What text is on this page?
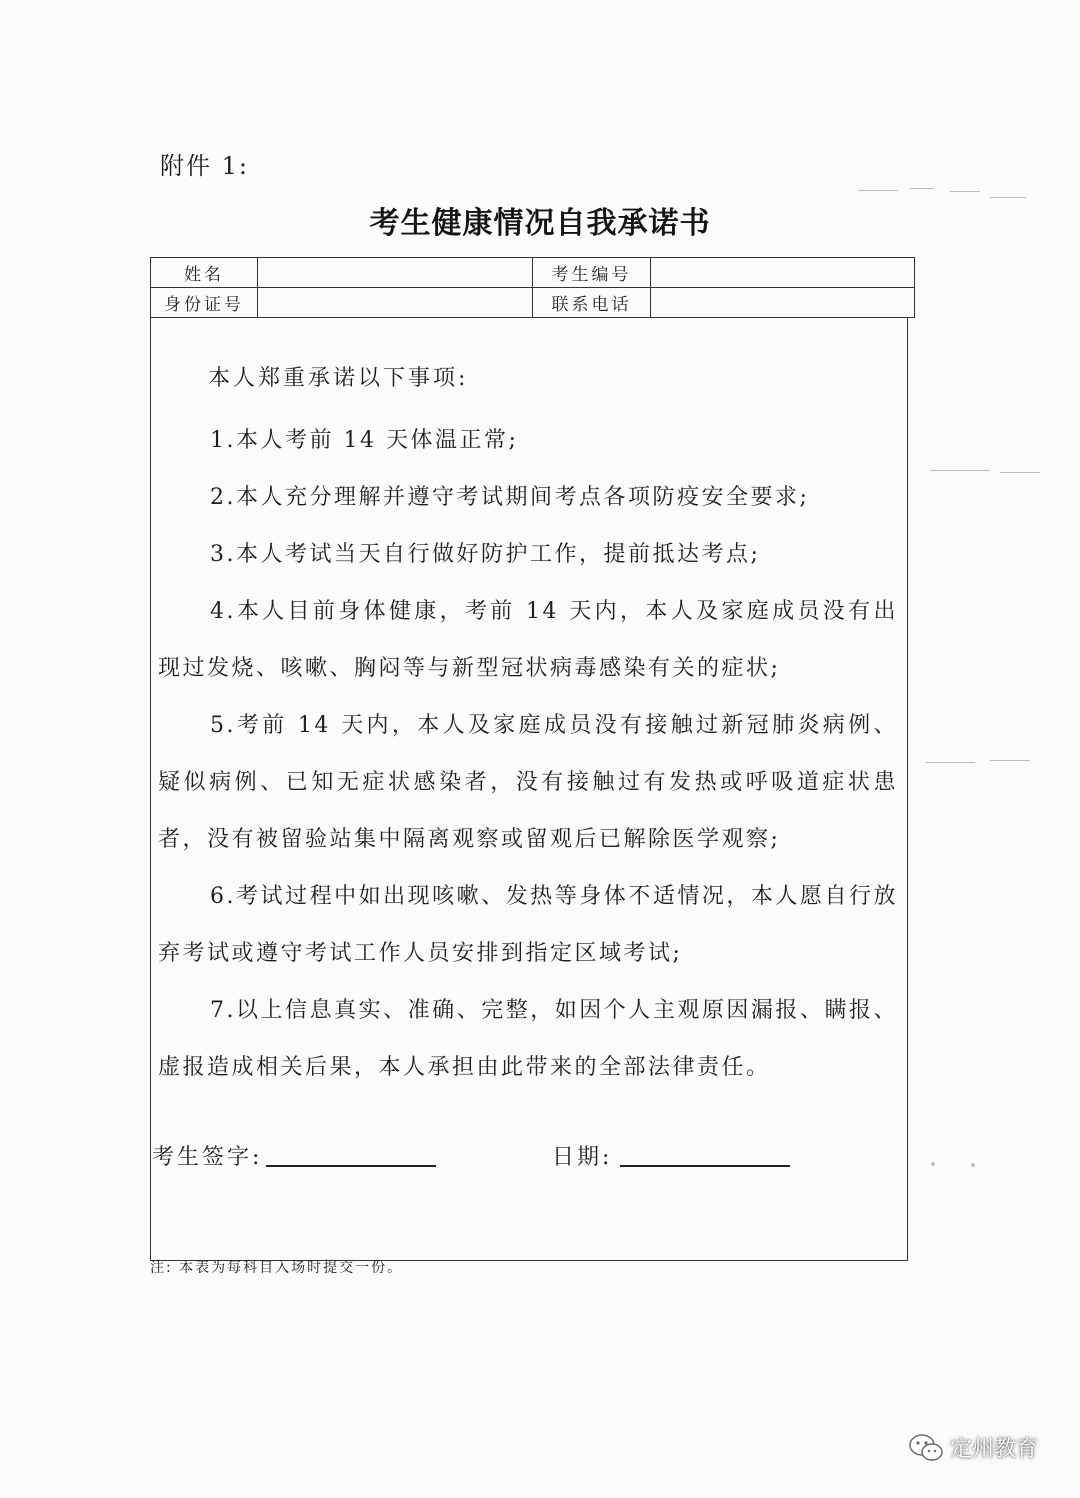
附件 1:
考生健康情况自我承诺书
姓名		考生编号	
身份证号		联系电话	
本人郑重承诺以下事项:

1.本人考前 14 天体温正常;

2.本人充分理解并遵守考试期间考点各项防疫安全要求;

3.本人考试当天自行做好防护工作，提前抵达考点;

4.本人目前身体健康，考前 14 天内，本人及家庭成员没有出现过发烧、咳嗽、胸闷等与新型冠状病毒感染有关的症状;

5.考前 14 天内，本人及家庭成员没有接触过新冠肺炎病例、疑似病例、已知无症状感染者，没有接触过有发热或呼吸道症状患者，没有被留验站集中隔离观察或留观后已解除医学观察;

6.考试过程中如出现咳嗽、发热等身体不适情况，本人愿自行放弃考试或遵守考试工作人员安排到指定区域考试;

7.以上信息真实、准确、完整，如因个人主观原因漏报、瞒报、虚报造成相关后果，本人承担由此带来的全部法律责任。

考生签字:	日期:
注: 本表为每科目入场时提交一份。
定州教育
